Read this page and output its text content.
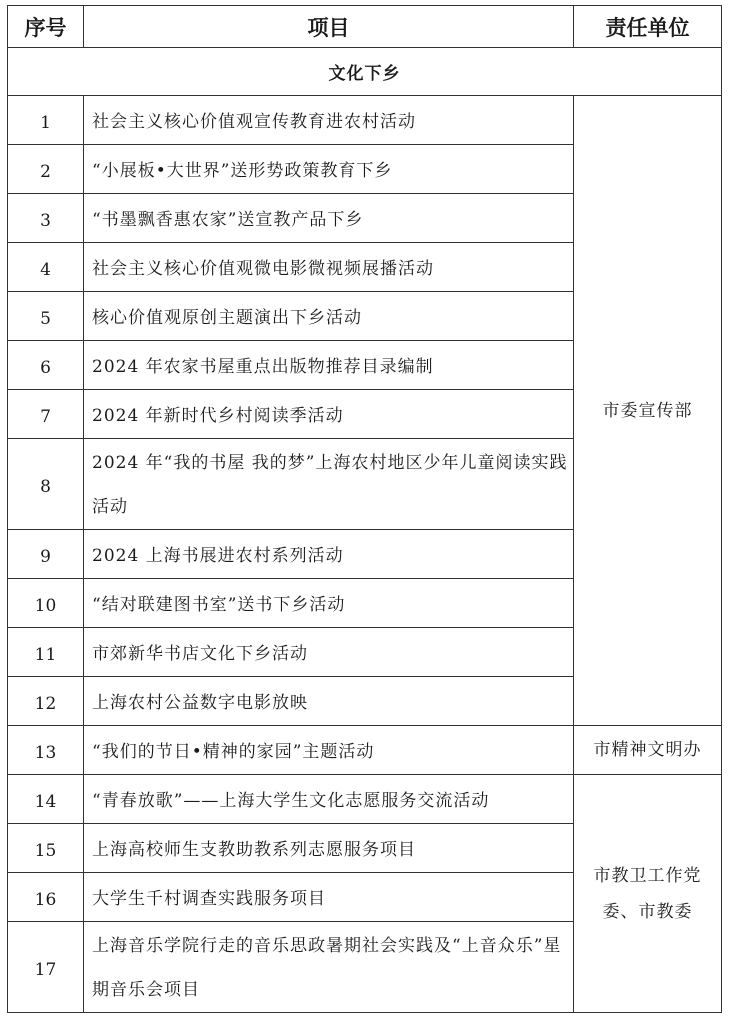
序号	项目	责任单位
文化下乡		
1	社会主义核心价值观宣传教育进农村活动	市委宣传部
2	“小展板•大世界”送形势政策教育下乡	
3	“书墨飘香惠农家”送宣教产品下乡	
4	社会主义核心价值观微电影微视频展播活动	
5	核心价值观原创主题演出下乡活动	
6	2024 年农家书屋重点出版物推荐目录编制	
7	2024 年新时代乡村阅读季活动	
8	2024 年“我的书屋 我的梦”上海农村地区少年儿童阅读实践活动	
9	2024 上海书展进农村系列活动	
10	“结对联建图书室”送书下乡活动	
11	市郊新华书店文化下乡活动	
12	上海农村公益数字电影放映	
13	“我们的节日•精神的家园”主题活动	市精神文明办
14	“青春放歌”——上海大学生文化志愿服务交流活动	市教卫工作党委、市教委
15	上海高校师生支教助教系列志愿服务项目	
16	大学生千村调查实践服务项目	
17	上海音乐学院行走的音乐思政暑期社会实践及“上音众乐”星期音乐会项目	
